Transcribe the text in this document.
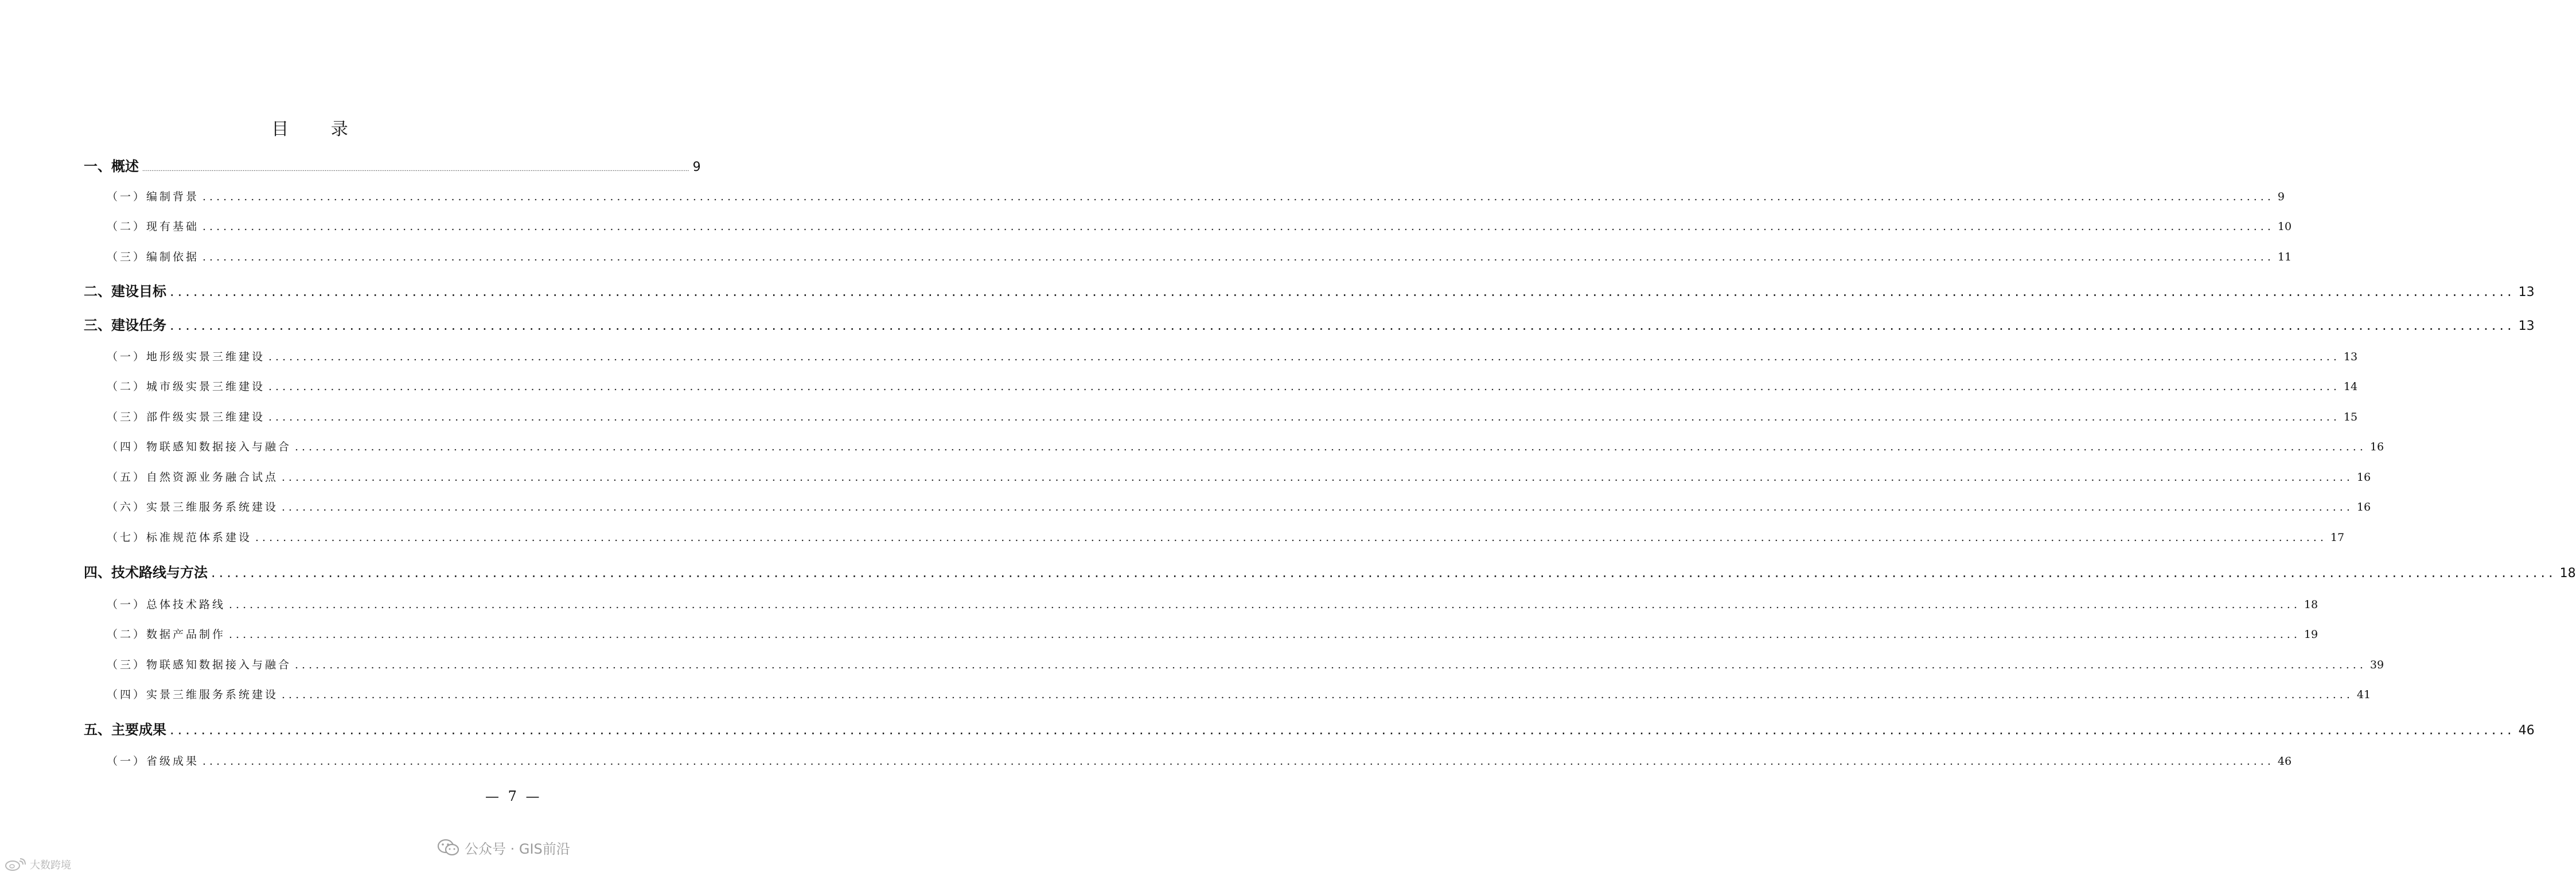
目 录
一、概述 ............................................................................................................................................................................................................................................................................................................ 9
（一）编制背景 ............................................................................................................................................................................................................................................................................................................ 9
（二）现有基础 ............................................................................................................................................................................................................................................................................................................ 10
（三）编制依据 ............................................................................................................................................................................................................................................................................................................ 11
二、建设目标 ............................................................................................................................................................................................................................................................................................................ 13
三、建设任务 ............................................................................................................................................................................................................................................................................................................ 13
（一）地形级实景三维建设 ............................................................................................................................................................................................................................................................................................................ 13
（二）城市级实景三维建设 ............................................................................................................................................................................................................................................................................................................ 14
（三）部件级实景三维建设 ............................................................................................................................................................................................................................................................................................................ 15
（四）物联感知数据接入与融合 ............................................................................................................................................................................................................................................................................................................ 16
（五）自然资源业务融合试点 ............................................................................................................................................................................................................................................................................................................ 16
（六）实景三维服务系统建设 ............................................................................................................................................................................................................................................................................................................ 16
（七）标准规范体系建设 ............................................................................................................................................................................................................................................................................................................ 17
四、技术路线与方法 ............................................................................................................................................................................................................................................................................................................ 18
（一）总体技术路线 ............................................................................................................................................................................................................................................................................................................ 18
（二）数据产品制作 ............................................................................................................................................................................................................................................................................................................ 19
（三）物联感知数据接入与融合 ............................................................................................................................................................................................................................................................................................................ 39
（四）实景三维服务系统建设 ............................................................................................................................................................................................................................................................................................................ 41
五、主要成果 ............................................................................................................................................................................................................................................................................................................ 46
（一）省级成果 ............................................................................................................................................................................................................................................................................................................ 46
— 7 —
公众号 · GIS前沿
大数跨境
